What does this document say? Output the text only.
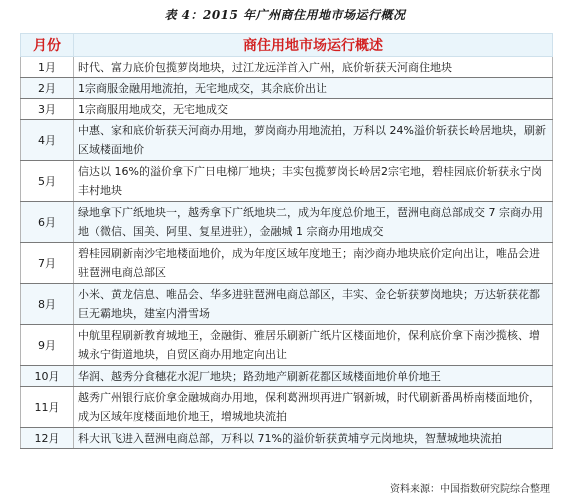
表 4：2015 年广州商住用地市场运行概况
月份	商住用地市场运行概述
1月	时代、富力底价包揽萝岗地块，过江龙远洋首入广州，底价斩获天河商住地块
2月	1宗商服金融用地流拍，无宅地成交，其余底价出让
3月	1宗商服用地成交，无宅地成交
4月	中惠、家和底价斩获天河商办用地，萝岗商办用地流拍，万科以 24%溢价斩获长岭居地块，刷新区域楼面地价
5月	信达以 16%的溢价拿下广日电梯厂地块；丰实包揽萝岗长岭居2宗宅地，碧桂园底价斩获永宁岗丰村地块
6月	绿地拿下广纸地块一，越秀拿下广纸地块二，成为年度总价地王，琶洲电商总部成交 7 宗商办用地（微信、国美、阿里、复星进驻），金融城 1 宗商办用地成交
7月	碧桂园刷新南沙宅地楼面地价，成为年度区域年度地王；南沙商办地块底价定向出让，唯品会进驻琶洲电商总部区
8月	小米、黄龙信息、唯品会、华多进驻琶洲电商总部区，丰实、金仑斩获萝岗地块；万达斩获花都巨无霸地块，建室内滑雪场
9月	中航里程刷新教育城地王，金融街、雅居乐刷新广纸片区楼面地价，保利底价拿下南沙揽核、增城永宁街道地块，自贸区商办用地定向出让
10月	华润、越秀分食穗花水泥厂地块；路劲地产刷新花都区域楼面地价单价地王
11月	越秀广州银行底价拿金融城商办用地，保利葛洲坝再进广钢新城，时代刷新番禺桥南楼面地价，成为区域年度楼面地价地王，增城地块流拍
12月	科大讯飞进入琶洲电商总部，万科以 71%的溢价斩获黄埔亨元岗地块，智慧城地块流拍
资料来源：中国指数研究院综合整理
